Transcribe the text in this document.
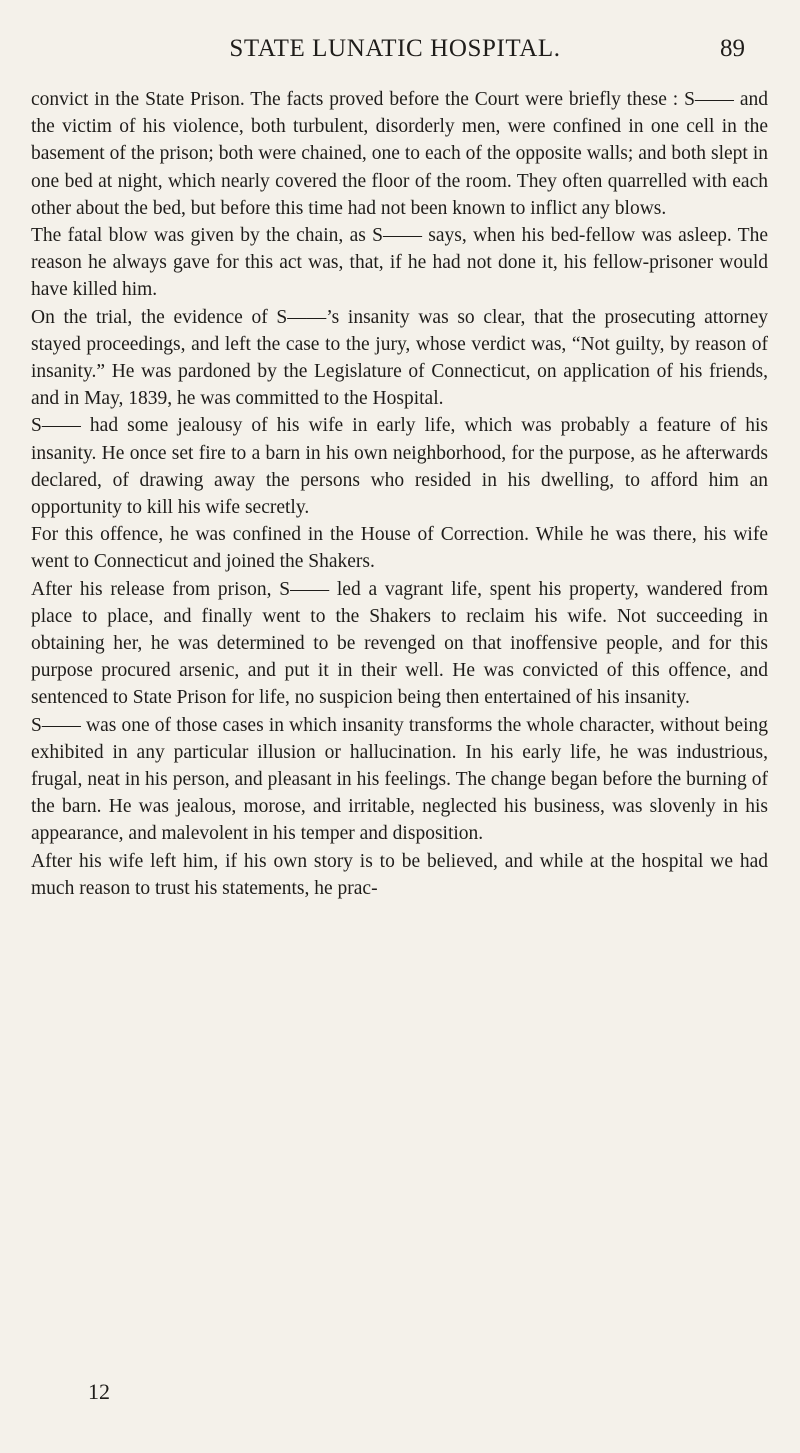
STATE LUNATIC HOSPITAL.	89

convict in the State Prison. The facts proved before the Court were briefly these : S—— and the victim of his violence, both turbulent, disorderly men, were confined in one cell in the basement of the prison; both were chained, one to each of the opposite walls; and both slept in one bed at night, which nearly covered the floor of the room. They often quarrelled with each other about the bed, but before this time had not been known to inflict any blows.

The fatal blow was given by the chain, as S—— says, when his bed-fellow was asleep. The reason he always gave for this act was, that, if he had not done it, his fellow-prisoner would have killed him.

On the trial, the evidence of S——’s insanity was so clear, that the prosecuting attorney stayed proceedings, and left the case to the jury, whose verdict was, “Not guilty, by reason of insanity.” He was pardoned by the Legislature of Connecticut, on application of his friends, and in May, 1839, he was committed to the Hospital.

S—— had some jealousy of his wife in early life, which was probably a feature of his insanity. He once set fire to a barn in his own neighborhood, for the purpose, as he afterwards declared, of drawing away the persons who resided in his dwelling, to afford him an opportunity to kill his wife secretly.

For this offence, he was confined in the House of Correction. While he was there, his wife went to Connecticut and joined the Shakers.

After his release from prison, S—— led a vagrant life, spent his property, wandered from place to place, and finally went to the Shakers to reclaim his wife. Not succeeding in obtaining her, he was determined to be revenged on that inoffensive people, and for this purpose procured arsenic, and put it in their well. He was convicted of this offence, and sentenced to State Prison for life, no suspicion being then entertained of his insanity.

S—— was one of those cases in which insanity transforms the whole character, without being exhibited in any particular illusion or hallucination. In his early life, he was industrious, frugal, neat in his person, and pleasant in his feelings. The change began before the burning of the barn. He was jealous, morose, and irritable, neglected his business, was slovenly in his appearance, and malevolent in his temper and disposition.

After his wife left him, if his own story is to be believed, and while at the hospital we had much reason to trust his statements, he prac-

12
